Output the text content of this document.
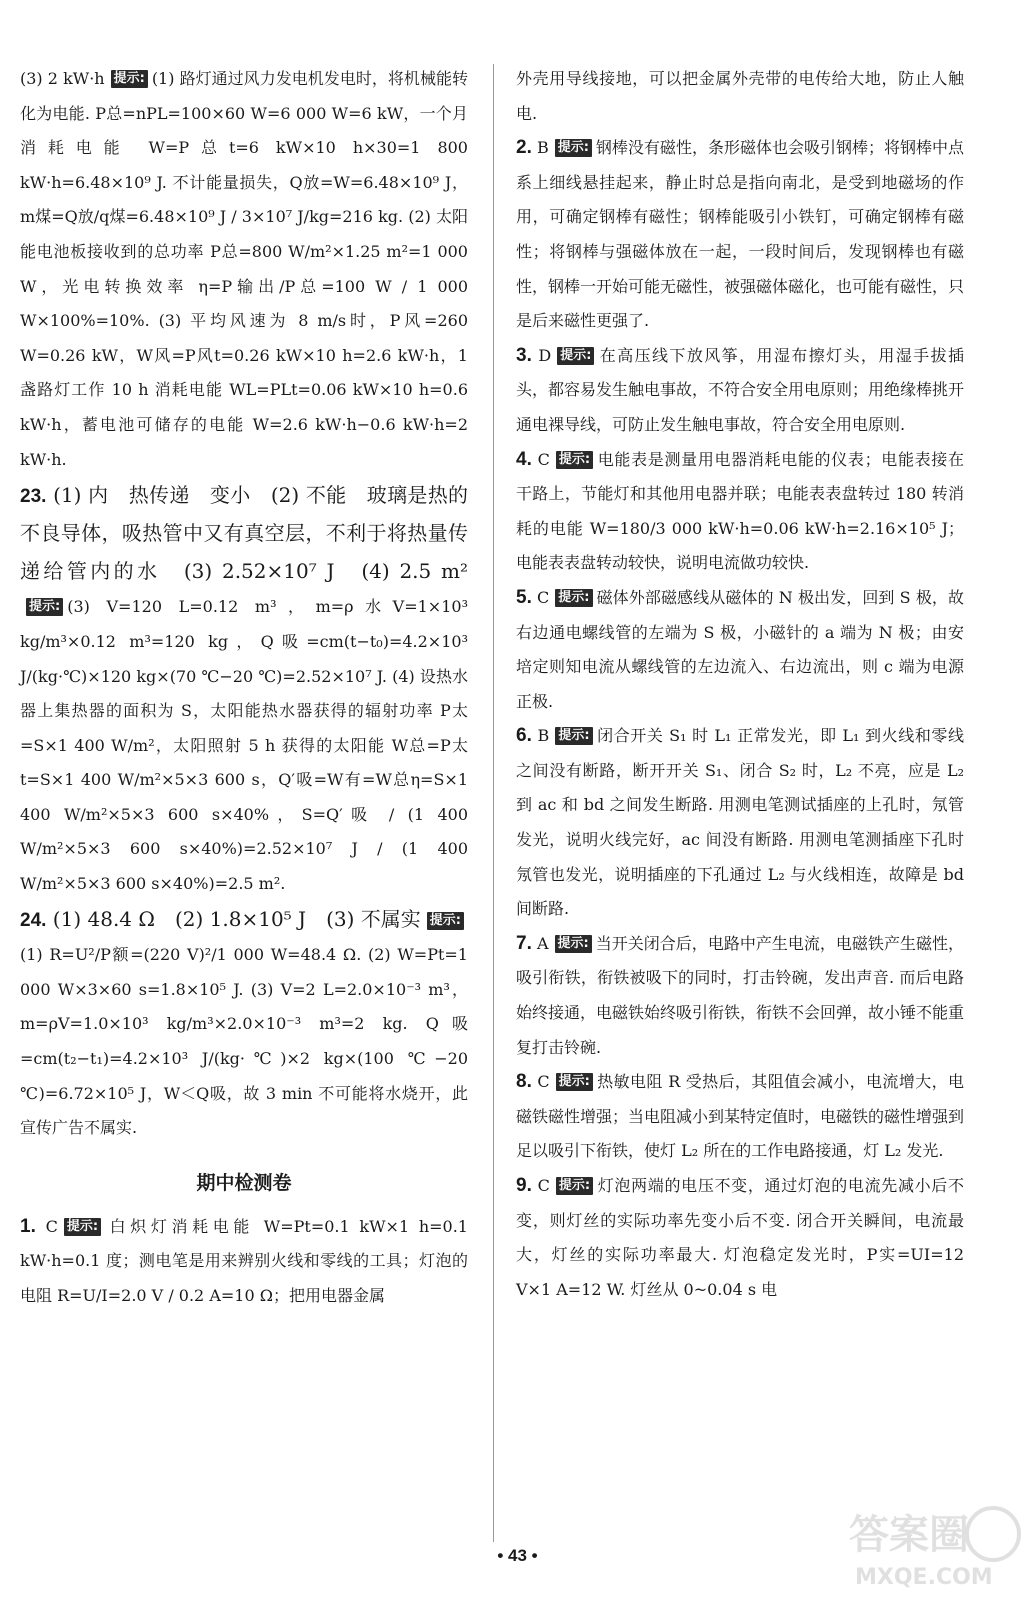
(3) 2 kW·h 提示: (1) 路灯通过风力发电机发电时，将机械能转化为电能. P总=nPL=100×60 W=6 000 W=6 kW，一个月消耗电能 W=P总t=6 kW×10 h×30=1 800 kW·h=6.48×10⁹ J. 不计能量损失，Q放=W=6.48×10⁹ J，m煤=Q放/q煤=6.48×10⁹ J / 3×10⁷ J/kg=216 kg. (2) 太阳能电池板接收到的总功率 P总=800 W/m²×1.25 m²=1 000 W，光电转换效率 η=P输出/P总=100 W / 1 000 W×100%=10%. (3) 平均风速为 8 m/s时，P风=260 W=0.26 kW，W风=P风t=0.26 kW×10 h=2.6 kW·h，1 盏路灯工作 10 h 消耗电能 WL=PLt=0.06 kW×10 h=0.6 kW·h，蓄电池可储存的电能 W=2.6 kW·h−0.6 kW·h=2 kW·h.

23. (1) 内　热传递　变小　(2) 不能　玻璃是热的不良导体，吸热管中又有真空层，不利于将热量传递给管内的水　(3) 2.52×10⁷ J　(4) 2.5 m²提示: (3) V=120 L=0.12 m³，m=ρ水V=1×10³ kg/m³×0.12 m³=120 kg，Q吸=cm(t−t₀)=4.2×10³ J/(kg·℃)×120 kg×(70 ℃−20 ℃)=2.52×10⁷ J. (4) 设热水器上集热器的面积为 S，太阳能热水器获得的辐射功率 P太=S×1 400 W/m²，太阳照射 5 h 获得的太阳能 W总=P太t=S×1 400 W/m²×5×3 600 s，Q′吸=W有=W总η=S×1 400 W/m²×5×3 600 s×40%，S=Q′吸 / (1 400 W/m²×5×3 600 s×40%)=2.52×10⁷ J / (1 400 W/m²×5×3 600 s×40%)=2.5 m².

24. (1) 48.4 Ω　(2) 1.8×10⁵ J　(3) 不属实 提示:(1) R=U²/P额=(220 V)²/1 000 W=48.4 Ω. (2) W=Pt=1 000 W×3×60 s=1.8×10⁵ J. (3) V=2 L=2.0×10⁻³ m³，m=ρV=1.0×10³ kg/m³×2.0×10⁻³ m³=2 kg. Q吸=cm(t₂−t₁)=4.2×10³ J/(kg·℃)×2 kg×(100 ℃−20 ℃)=6.72×10⁵ J，W＜Q吸，故 3 min 不可能将水烧开，此宣传广告不属实.

期中检测卷

1. C 提示: 白炽灯消耗电能 W=Pt=0.1 kW×1 h=0.1 kW·h=0.1 度；测电笔是用来辨别火线和零线的工具；灯泡的电阻 R=U/I=2.0 V / 0.2 A=10 Ω；把用电器金属

外壳用导线接地，可以把金属外壳带的电传给大地，防止人触电.

2. B 提示: 钢棒没有磁性，条形磁体也会吸引钢棒；将钢棒中点系上细线悬挂起来，静止时总是指向南北，是受到地磁场的作用，可确定钢棒有磁性；钢棒能吸引小铁钉，可确定钢棒有磁性；将钢棒与强磁体放在一起，一段时间后，发现钢棒也有磁性，钢棒一开始可能无磁性，被强磁体磁化，也可能有磁性，只是后来磁性更强了.

3. D 提示: 在高压线下放风筝，用湿布擦灯头，用湿手拔插头，都容易发生触电事故，不符合安全用电原则；用绝缘棒挑开通电裸导线，可防止发生触电事故，符合安全用电原则.

4. C 提示: 电能表是测量用电器消耗电能的仪表；电能表接在干路上，节能灯和其他用电器并联；电能表表盘转过 180 转消耗的电能 W=180/3 000 kW·h=0.06 kW·h=2.16×10⁵ J；电能表表盘转动较快，说明电流做功较快.

5. C 提示: 磁体外部磁感线从磁体的 N 极出发，回到 S 极，故右边通电螺线管的左端为 S 极，小磁针的 a 端为 N 极；由安培定则知电流从螺线管的左边流入、右边流出，则 c 端为电源正极.

6. B 提示: 闭合开关 S₁ 时 L₁ 正常发光，即 L₁ 到火线和零线之间没有断路，断开开关 S₁、闭合 S₂ 时，L₂ 不亮，应是 L₂ 到 ac 和 bd 之间发生断路. 用测电笔测试插座的上孔时，氖管发光，说明火线完好，ac 间没有断路. 用测电笔测插座下孔时氖管也发光，说明插座的下孔通过 L₂ 与火线相连，故障是 bd 间断路.

7. A 提示: 当开关闭合后，电路中产生电流，电磁铁产生磁性，吸引衔铁，衔铁被吸下的同时，打击铃碗，发出声音. 而后电路始终接通，电磁铁始终吸引衔铁，衔铁不会回弹，故小锤不能重复打击铃碗.

8. C 提示: 热敏电阻 R 受热后，其阻值会减小，电流增大，电磁铁磁性增强；当电阻减小到某特定值时，电磁铁的磁性增强到足以吸引下衔铁，使灯 L₂ 所在的工作电路接通，灯 L₂ 发光.

9. C 提示: 灯泡两端的电压不变，通过灯泡的电流先减小后不变，则灯丝的实际功率先变小后不变. 闭合开关瞬间，电流最大，灯丝的实际功率最大. 灯泡稳定发光时，P实=UI=12 V×1 A=12 W. 灯丝从 0~0.04 s 电

• 43 •	答案圈
MXQE.COM
